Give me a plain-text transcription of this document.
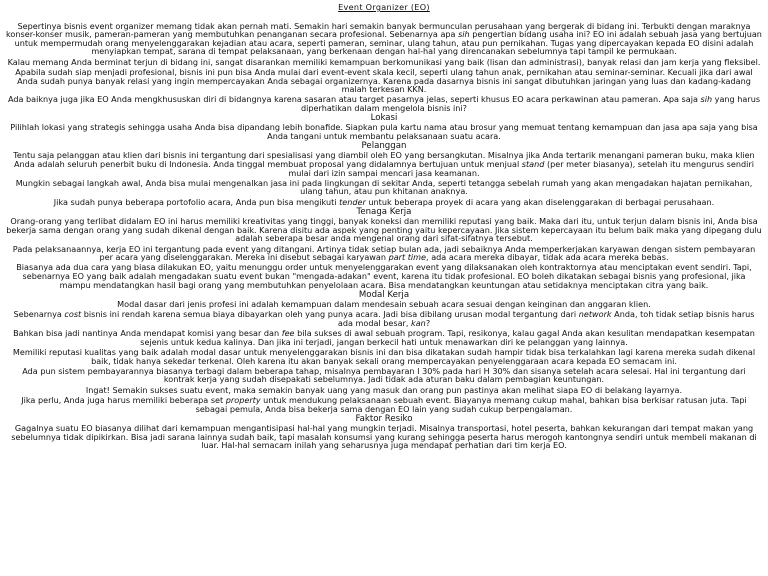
Event Organizer (EO)
Sepertinya bisnis event organizer memang tidak akan pernah mati. Semakin hari semakin banyak bermunculan perusahaan yang bergerak di bidang ini. Terbukti dengan maraknya konser-konser musik, pameran-pameran yang membutuhkan penanganan secara profesional. Sebenarnya apa sih pengertian bidang usaha ini? EO ini adalah sebuah jasa yang bertujuan untuk mempermudah orang menyelenggarakan kejadian atau acara, seperti pameran, seminar, ulang tahun, atau pun pernikahan. Tugas yang dipercayakan kepada EO disini adalah menyiapkan tempat, sarana di tempat pelaksanaan, yang berkenaan dengan hal-hal yang direncanakan sebelumnya tapi tampil ke permukaan.
Kalau memang Anda berminat terjun di bidang ini, sangat disarankan memiliki kemampuan berkomunikasi yang baik (lisan dan administrasi), banyak relasi dan jam kerja yang fleksibel.
Apabila sudah siap menjadi profesional, bisnis ini pun bisa Anda mulai dari event-event skala kecil, seperti ulang tahun anak, pernikahan atau seminar-seminar. Kecuali jika dari awal Anda sudah punya banyak relasi yang ingin mempercayakan Anda sebagai organizernya. Karena pada dasarnya bisnis ini sangat dibutuhkan jaringan yang luas dan kadang-kadang malah terkesan KKN.
Ada baiknya juga jika EO Anda mengkhususkan diri di bidangnya karena sasaran atau target pasarnya jelas, seperti khusus EO acara perkawinan atau pameran. Apa saja sih yang harus diperhatikan dalam mengelola bisnis ini?
Lokasi
Pilihlah lokasi yang strategis sehingga usaha Anda bisa dipandang lebih bonafide. Siapkan pula kartu nama atau brosur yang memuat tentang kemampuan dan jasa apa saja yang bisa Anda tangani untuk membantu pelaksanaan suatu acara.
Pelanggan
Tentu saja pelanggan atau klien dari bisnis ini tergantung dari spesialisasi yang diambil oleh EO yang bersangkutan. Misalnya jika Anda tertarik menangani pameran buku, maka klien Anda adalah seluruh penerbit buku di Indonesia. Anda tinggal membuat proposal yang didalamnya bertujuan untuk menjual stand (per meter biasanya), setelah itu mengurus sendiri mulai dari izin sampai mencari jasa keamanan.
Mungkin sebagai langkah awal, Anda bisa mulai mengenalkan jasa ini pada lingkungan di sekitar Anda, seperti tetangga sebelah rumah yang akan mengadakan hajatan pernikahan, ulang tahun, atau pun khitanan anaknya.
Jika sudah punya beberapa portofolio acara, Anda pun bisa mengikuti tender untuk beberapa proyek di acara yang akan diselenggarakan di berbagai perusahaan.
Tenaga Kerja
Orang-orang yang terlibat didalam EO ini harus memiliki kreativitas yang tinggi, banyak koneksi dan memiliki reputasi yang baik. Maka dari itu, untuk terjun dalam bisnis ini, Anda bisa bekerja sama dengan orang yang sudah dikenal dengan baik. Karena disitu ada aspek yang penting yaitu kepercayaan. Jika sistem kepercayaan itu belum baik maka yang dipegang dulu adalah seberapa besar anda mengenal orang dari sifat-sifatnya tersebut.
Pada pelaksanaannya, kerja EO ini tergantung pada event yang ditangani. Artinya tidak setiap bulan ada, jadi sebaiknya Anda memperkerjakan karyawan dengan sistem pembayaran per acara yang diselenggarakan. Mereka ini disebut sebagai karyawan part time, ada acara mereka dibayar, tidak ada acara mereka bebas.
Biasanya ada dua cara yang biasa dilakukan EO, yaitu menunggu order untuk menyelenggarakan event yang dilaksanakan oleh kontraktornya atau menciptakan event sendiri. Tapi, sebenarnya EO yang baik adalah mengadakan suatu event bukan "mengada-adakan" event, karena itu tidak profesional. EO boleh dikatakan sebagai bisnis yang profesional, jika mampu mendatangkan hasil bagi orang yang membutuhkan penyelolaan acara. Bisa mendatangkan keuntungan atau setidaknya menciptakan citra yang baik.
Modal Kerja
Modal dasar dari jenis profesi ini adalah kemampuan dalam mendesain sebuah acara sesuai dengan keinginan dan anggaran klien.
Sebenarnya cost bisnis ini rendah karena semua biaya dibayarkan oleh yang punya acara. Jadi bisa dibilang urusan modal tergantung dari network Anda, toh tidak setiap bisnis harus ada modal besar, kan?
Bahkan bisa jadi nantinya Anda mendapat komisi yang besar dan fee bila sukses di awal sebuah program. Tapi, resikonya, kalau gagal Anda akan kesulitan mendapatkan kesempatan sejenis untuk kedua kalinya. Dan jika ini terjadi, jangan berkecil hati untuk menawarkan diri ke pelanggan yang lainnya.
Memiliki reputasi kualitas yang baik adalah modal dasar untuk menyelenggarakan bisnis ini dan bisa dikatakan sudah hampir tidak bisa terkalahkan lagi karena mereka sudah dikenal baik, tidak hanya sekedar terkenal. Oleh karena itu akan banyak sekali orang mempercayakan penyelenggaraan acara kepada EO semacam ini.
Ada pun sistem pembayarannya biasanya terbagi dalam beberapa tahap, misalnya pembayaran I 30% pada hari H 30% dan sisanya setelah acara selesai. Hal ini tergantung dari kontrak kerja yang sudah disepakati sebelumnya. Jadi tidak ada aturan baku dalam pembagian keuntungan.
Ingat! Semakin sukses suatu event, maka semakin banyak uang yang masuk dan orang pun pastinya akan melihat siapa EO di belakang layarnya.
Jika perlu, Anda juga harus memiliki beberapa set property untuk mendukung pelaksanaan sebuah event. Biayanya memang cukup mahal, bahkan bisa berkisar ratusan juta. Tapi sebagai pemula, Anda bisa bekerja sama dengan EO lain yang sudah cukup berpengalaman.
Faktor Resiko
Gagalnya suatu EO biasanya dilihat dari kemampuan mengantisipasi hal-hal yang mungkin terjadi. Misalnya transportasi, hotel peserta, bahkan kekurangan dari tempat makan yang sebelumnya tidak dipikirkan. Bisa jadi sarana lainnya sudah baik, tapi masalah konsumsi yang kurang sehingga peserta harus merogoh kantongnya sendiri untuk membeli makanan di luar. Hal-hal semacam inilah yang seharusnya juga mendapat perhatian dari tim kerja EO.
